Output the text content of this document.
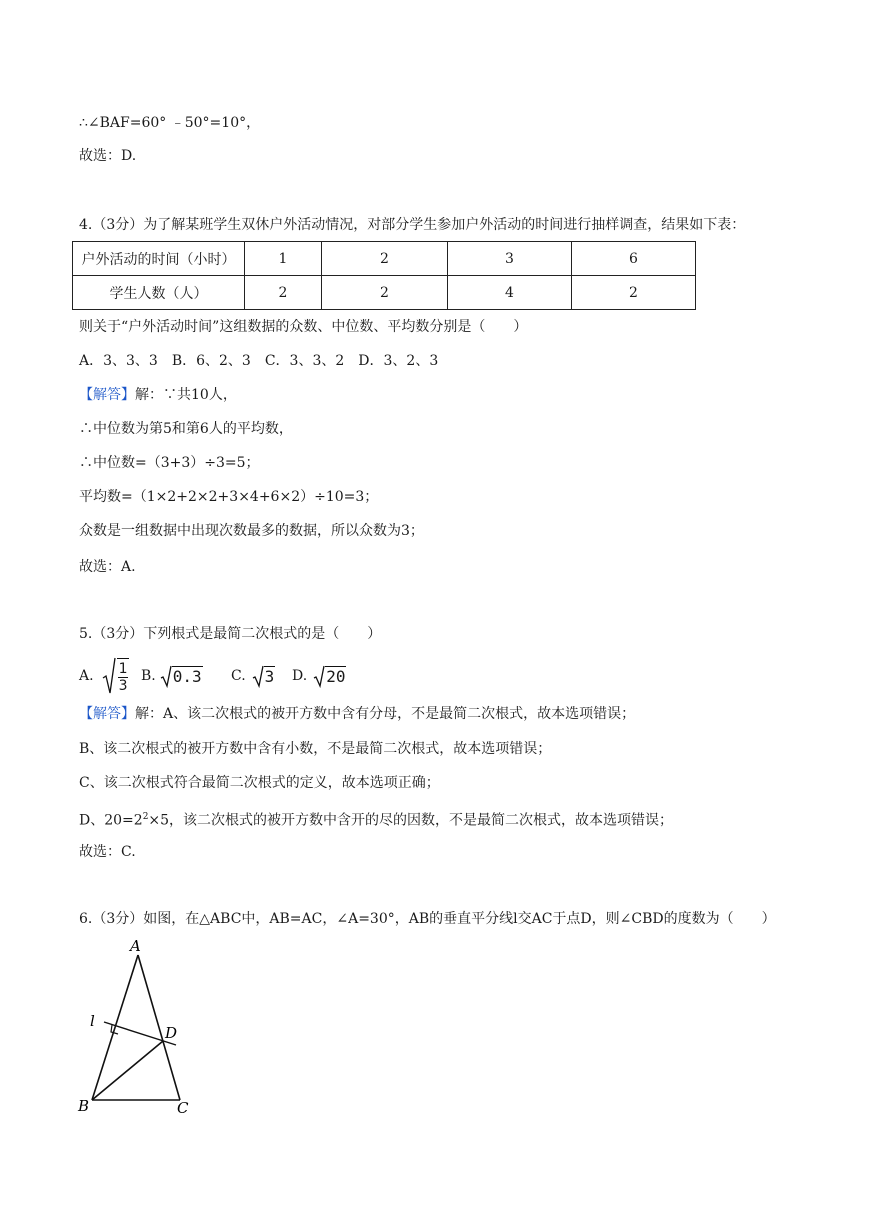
∴∠BAF=60° ﹣50°=10°，
故选：D.
4.（3分）为了解某班学生双休户外活动情况，对部分学生参加户外活动的时间进行抽样调查，结果如下表：
户外活动的时间（小时）	1	2	3	6
学生人数（人）	2	2	4	2
则关于“户外活动时间”这组数据的众数、中位数、平均数分别是（　　）
A．3、3、3　B．6、2、3　C．3、3、2　D．3、2、3
【解答】解：∵共10人，
∴中位数为第5和第6人的平均数，
∴中位数=（3+3）÷3=5；
平均数=（1×2+2×2+3×4+6×2）÷10=3；
众数是一组数据中出现次数最多的数据，所以众数为3；
故选：A.
5.（3分）下列根式是最简二次根式的是（　　）
A. $\frac{1}{3} B$. 0.3 C. 3 D. 20
【解答】解：A、该二次根式的被开方数中含有分母，不是最简二次根式，故本选项错误；
B、该二次根式的被开方数中含有小数，不是最简二次根式，故本选项错误；
C、该二次根式符合最简二次根式的定义，故本选项正确；
D、$20=2^2\times 5$，该二次根式的被开方数中含开的尽的因数，不是最简二次根式，故本选项错误；
故选：C.
6.（3分）如图，在△ABC中，AB=AC，∠A=30°，AB的垂直平分线l交AC于点D，则∠CBD的度数为（　　）
A
B	C
D
l
